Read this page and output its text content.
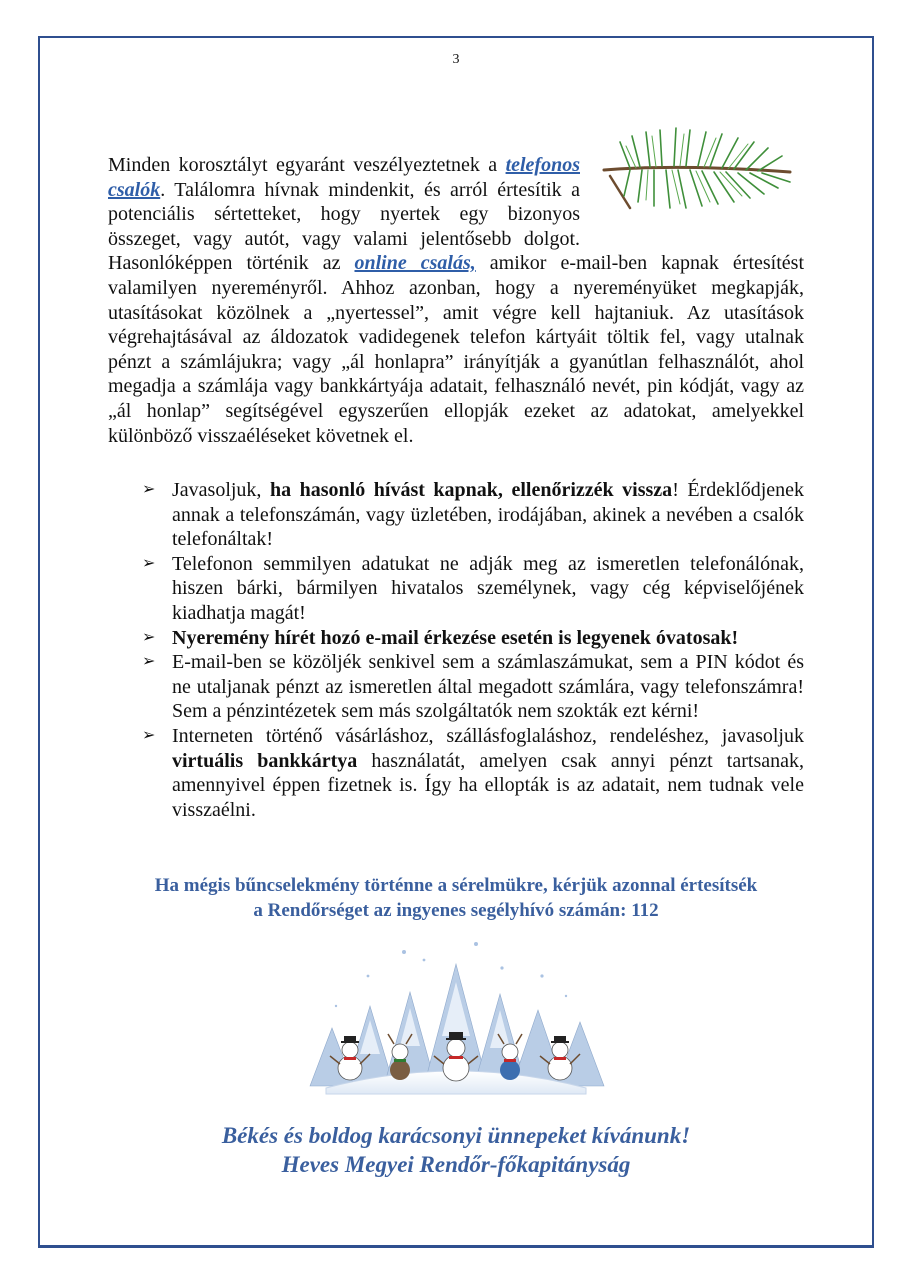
3

Minden korosztályt egyaránt veszélyeztetnek a telefonos csalók. Találomra hívnak mindenkit, és arról értesítik a potenciális sértetteket, hogy nyertek egy bizonyos összeget, vagy autót, vagy valami jelentősebb dolgot. Hasonlóképpen történik az online csalás, amikor e-mail-ben kapnak értesítést valamilyen nyereményről. Ahhoz azonban, hogy a nyereményüket megkapják, utasításokat közölnek a „nyertessel”, amit végre kell hajtaniuk. Az utasítások végrehajtásával az áldozatok vadidegenek telefon kártyáit töltik fel, vagy utalnak pénzt a számlájukra; vagy „ál honlapra” irányítják a gyanútlan felhasználót, ahol megadja a számlája vagy bankkártyája adatait, felhasználó nevét, pin kódját, vagy az „ál honlap” segítségével egyszerűen ellopják ezeket az adatokat, amelyekkel különböző visszaéléseket követnek el.

➢ Javasoljuk, ha hasonló hívást kapnak, ellenőrizzék vissza! Érdeklődjenek annak a telefonszámán, vagy üzletében, irodájában, akinek a nevében a csalók telefonáltak!
➢ Telefonon semmilyen adatukat ne adják meg az ismeretlen telefonálónak, hiszen bárki, bármilyen hivatalos személynek, vagy cég képviselőjének kiadhatja magát!
➢ Nyeremény hírét hozó e-mail érkezése esetén is legyenek óvatosak!
➢ E-mail-ben se közöljék senkivel sem a számlaszámukat, sem a PIN kódot és ne utaljanak pénzt az ismeretlen által megadott számlára, vagy telefonszámra! Sem a pénzintézetek sem más szolgáltatók nem szokták ezt kérni!
➢ Interneten történő vásárláshoz, szállásfoglaláshoz, rendeléshez, javasoljuk virtuális bankkártya használatát, amelyen csak annyi pénzt tartsanak, amennyivel éppen fizetnek is. Így ha ellopták is az adatait, nem tudnak vele visszaélni.
Ha mégis bűncselekmény történne a sérelmükre, kérjük azonnal értesítsék
a Rendőrséget az ingyenes segélyhívó számán: 112
Békés és boldog karácsonyi ünnepeket kívánunk!
Heves Megyei Rendőr-főkapitányság
